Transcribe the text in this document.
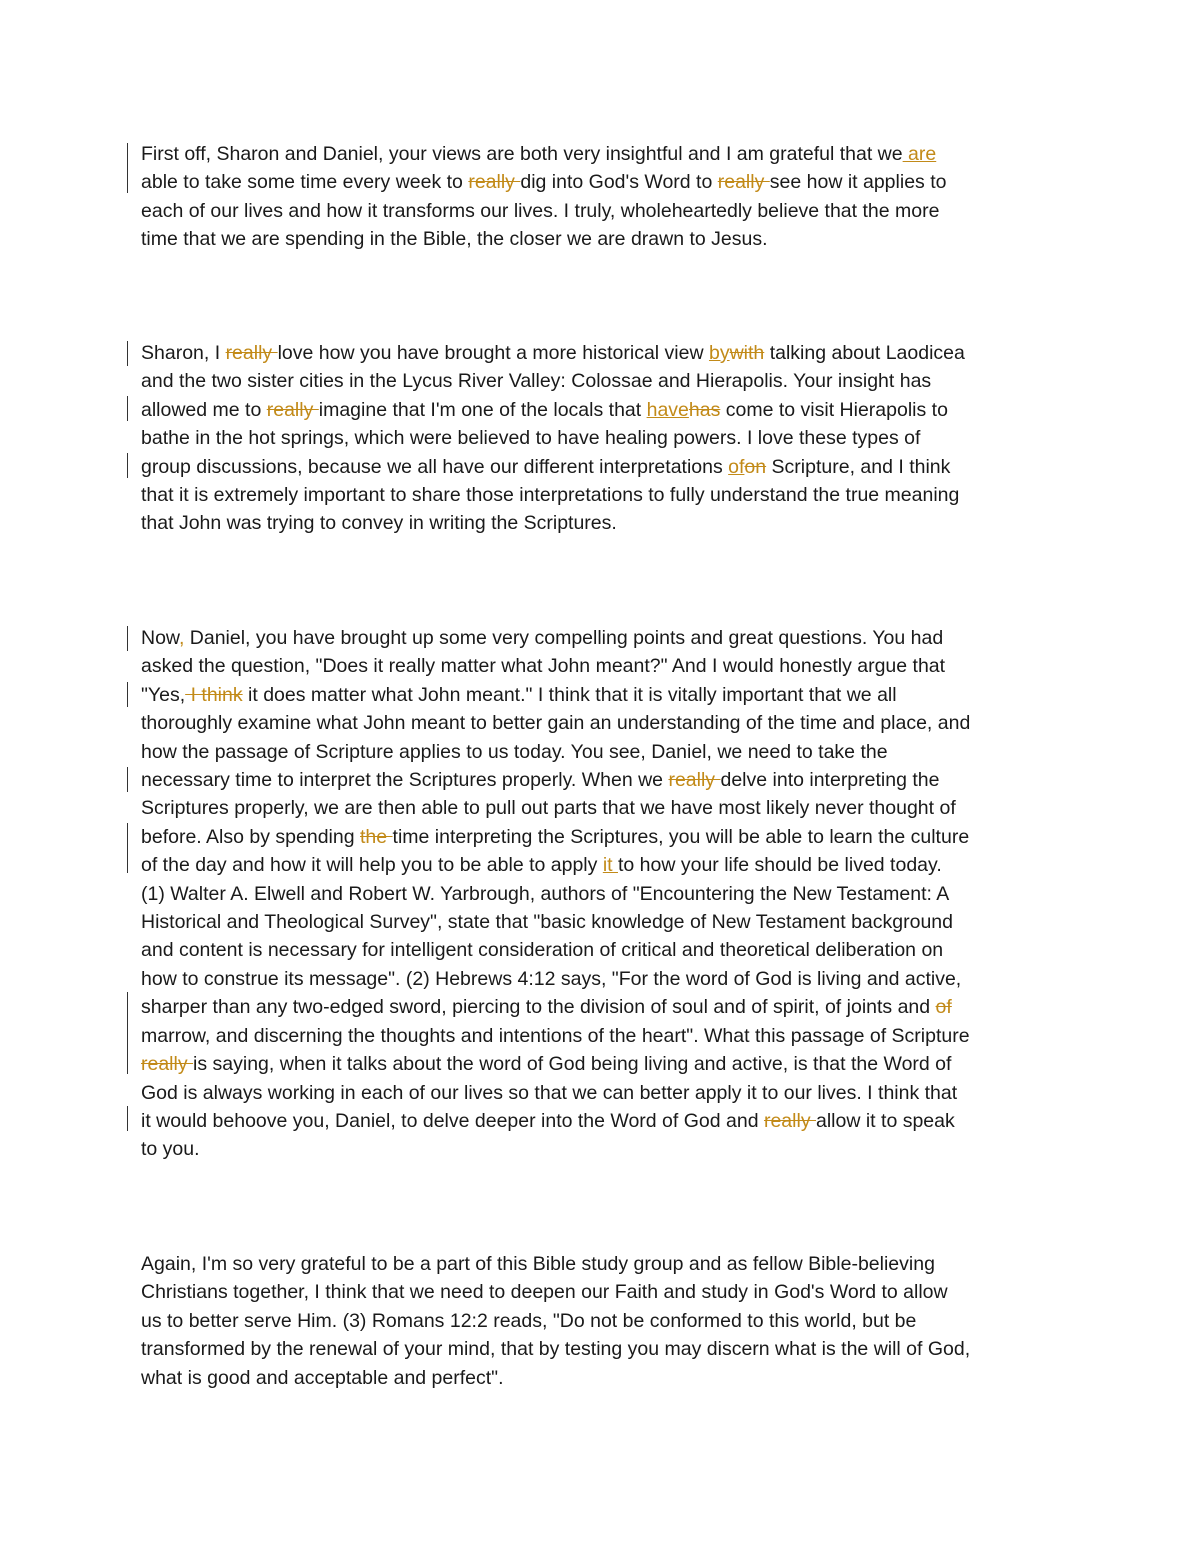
First off, Sharon and Daniel, your views are both very insightful and I am grateful that we are
able to take some time every week to really dig into God's Word to really see how it applies to
each of our lives and how it transforms our lives. I truly, wholeheartedly believe that the more
time that we are spending in the Bible, the closer we are drawn to Jesus.
Sharon, I really love how you have brought a more historical view bywith talking about Laodicea
and the two sister cities in the Lycus River Valley: Colossae and Hierapolis. Your insight has
allowed me to really imagine that I'm one of the locals that havehas come to visit Hierapolis to
bathe in the hot springs, which were believed to have healing powers. I love these types of
group discussions, because we all have our different interpretations ofon Scripture, and I think
that it is extremely important to share those interpretations to fully understand the true meaning
that John was trying to convey in writing the Scriptures.
Now, Daniel, you have brought up some very compelling points and great questions. You had
asked the question, "Does it really matter what John meant?" And I would honestly argue that
"Yes, I think it does matter what John meant." I think that it is vitally important that we all
thoroughly examine what John meant to better gain an understanding of the time and place, and
how the passage of Scripture applies to us today. You see, Daniel, we need to take the
necessary time to interpret the Scriptures properly. When we really delve into interpreting the
Scriptures properly, we are then able to pull out parts that we have most likely never thought of
before. Also by spending the time interpreting the Scriptures, you will be able to learn the culture
of the day and how it will help you to be able to apply it to how your life should be lived today.
(1) Walter A. Elwell and Robert W. Yarbrough, authors of "Encountering the New Testament: A
Historical and Theological Survey", state that "basic knowledge of New Testament background
and content is necessary for intelligent consideration of critical and theoretical deliberation on
how to construe its message". (2) Hebrews 4:12 says, "For the word of God is living and active,
sharper than any two-edged sword, piercing to the division of soul and of spirit, of joints and of
marrow, and discerning the thoughts and intentions of the heart". What this passage of Scripture
really is saying, when it talks about the word of God being living and active, is that the Word of
God is always working in each of our lives so that we can better apply it to our lives. I think that
it would behoove you, Daniel, to delve deeper into the Word of God and really allow it to speak
to you.
Again, I'm so very grateful to be a part of this Bible study group and as fellow Bible-believing
Christians together, I think that we need to deepen our Faith and study in God's Word to allow
us to better serve Him. (3) Romans 12:2 reads, "Do not be conformed to this world, but be
transformed by the renewal of your mind, that by testing you may discern what is the will of God,
what is good and acceptable and perfect".
